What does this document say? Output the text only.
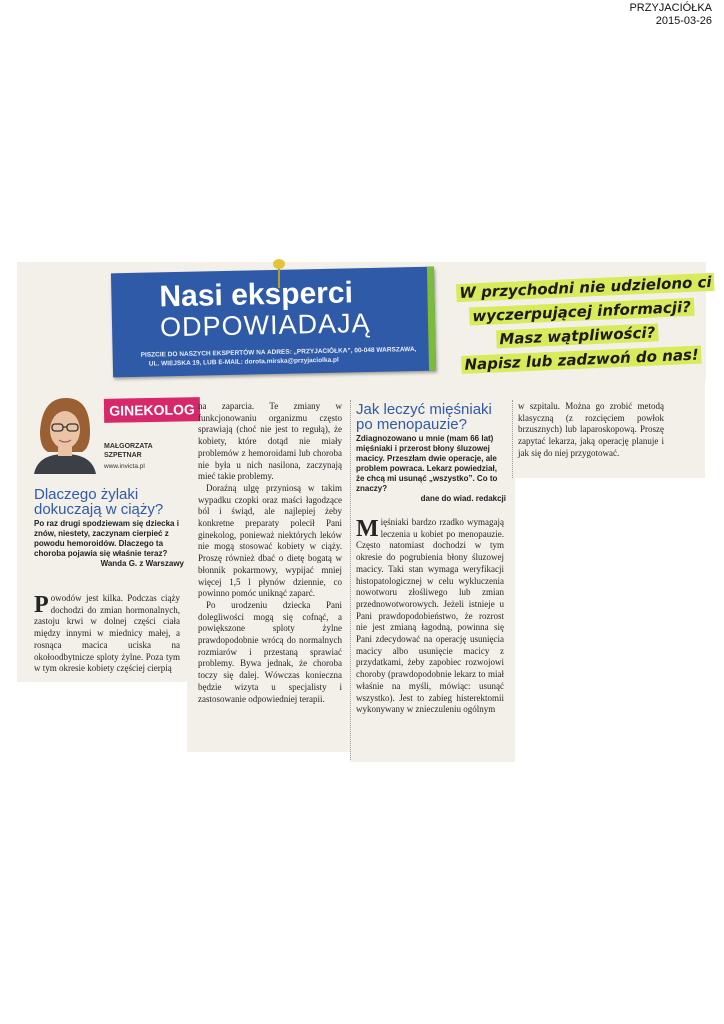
PRZYJACIÓŁKA
2015-03-26
Nasi eksperci
ODPOWIADAJĄ
PISZCIE DO NASZYCH EKSPERTÓW NA ADRES: „PRZYJACIÓŁKA”, 00-048 WARSZAWA,
UL. WIEJSKA 19, LUB E-MAIL: dorota.mirska@przyjaciolka.pl
W przychodni nie udzielono ci
wyczerpującej informacji?
Masz wątpliwości?
Napisz lub zadzwoń do nas!
GINEKOLOG
MAŁGORZATA
SZPETNAR
www.invicta.pl
Dlaczego żylaki
dokuczają w ciąży?
Po raz drugi spodziewam się dziecka i znów, niestety, zaczynam cierpieć z powodu hemoroidów. Dlaczego ta choroba pojawia się właśnie teraz?
Wanda G. z Warszawy

Powodów jest kilka. Podczas ciąży dochodzi do zmian hormonalnych, zastoju krwi w dolnej części ciała między innymi w miednicy małej, a rosnąca macica uciska na okołoodbytnicze sploty żylne. Poza tym w tym okresie kobiety częściej cierpią

na zaparcia. Te zmiany w funkcjonowaniu organizmu często sprawiają (choć nie jest to regułą), że kobiety, które dotąd nie miały problemów z hemoroidami lub choroba nie była u nich nasilona, zaczynają mieć takie problemy.

Doraźną ulgę przyniosą w takim wypadku czopki oraz maści łagodzące ból i świąd, ale najlepiej żeby konkretne preparaty polecił Pani ginekolog, ponieważ niektórych leków nie mogą stosować kobiety w ciąży. Proszę również dbać o dietę bogatą w błonnik pokarmowy, wypijać mniej więcej 1,5 l płynów dziennie, co powinno pomóc uniknąć zaparć.

Po urodzeniu dziecka Pani dolegliwości mogą się cofnąć, a powiększone sploty żylne prawdopodobnie wrócą do normalnych rozmiarów i przestaną sprawiać problemy. Bywa jednak, że choroba toczy się dalej. Wówczas konieczna będzie wizyta u specjalisty i zastosowanie odpowiedniej terapii.

Jak leczyć mięśniaki
po menopauzie?
Zdiagnozowano u mnie (mam 66 lat) mięśniaki i przerost błony śluzowej macicy. Przeszłam dwie operacje, ale problem powraca. Lekarz powiedział, że chcą mi usunąć „wszystko”. Co to znaczy?
dane do wiad. redakcji

Mięśniaki bardzo rzadko wymagają leczenia u kobiet po menopauzie. Często natomiast dochodzi w tym okresie do pogrubienia błony śluzowej macicy. Taki stan wymaga weryfikacji histopatologicznej w celu wykluczenia nowotworu złośliwego lub zmian przednowotworowych. Jeżeli istnieje u Pani prawdopodobieństwo, że rozrost nie jest zmianą łagodną, powinna się Pani zdecydować na operację usunięcia macicy albo usunięcie macicy z przydatkami, żeby zapobiec rozwojowi choroby (prawdopodobnie lekarz to miał właśnie na myśli, mówiąc: usunąć wszystko). Jest to zabieg histerektomii wykonywany w znieczuleniu ogólnym

w szpitalu. Można go zrobić metodą klasyczną (z rozcięciem powłok brzusznych) lub laparoskopową. Proszę zapytać lekarza, jaką operację planuje i jak się do niej przygotować.
